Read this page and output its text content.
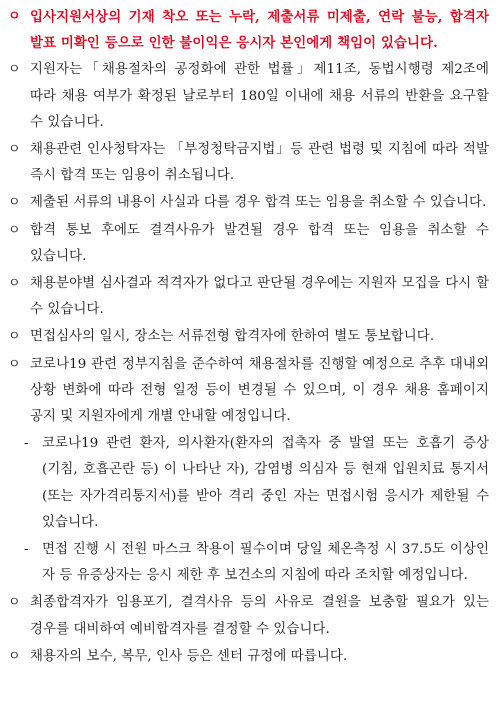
ㅇ 입사지원서상의 기재 착오 또는 누락, 제출서류 미제출, 연락 불능, 합격자 발표 미확인 등으로 인한 불이익은 응시자 본인에게 책임이 있습니다.
ㅇ 지원자는「채용절차의 공정화에 관한 법률」제11조, 동법시행령 제2조에 따라 채용 여부가 확정된 날로부터 180일 이내에 채용 서류의 반환을 요구할 수 있습니다.
ㅇ 채용관련 인사청탁자는 「부정청탁금지법」등 관련 법령 및 지침에 따라 적발 즉시 합격 또는 임용이 취소됩니다.
ㅇ 제출된 서류의 내용이 사실과 다를 경우 합격 또는 임용을 취소할 수 있습니다.
ㅇ 합격 통보 후에도 결격사유가 발견될 경우 합격 또는 임용을 취소할 수 있습니다.
ㅇ 채용분야별 심사결과 적격자가 없다고 판단될 경우에는 지원자 모집을 다시 할 수 있습니다.
ㅇ 면접심사의 일시, 장소는 서류전형 합격자에 한하여 별도 통보합니다.
ㅇ 코로나19 관련 정부지침을 준수하여 채용절차를 진행할 예정으로 추후 대내외 상황 변화에 따라 전형 일정 등이 변경될 수 있으며, 이 경우 채용 홈페이지 공지 및 지원자에게 개별 안내할 예정입니다.
-	코로나19 관련 환자, 의사환자(환자의 접촉자 중 발열 또는 호흡기 증상(기침, 호흡곤란 등) 이 나타난 자), 감염병 의심자 등 현재 입원치료 통지서(또는 자가격리통지서)를 받아 격리 중인 자는 면접시험 응시가 제한될 수 있습니다.
-	면접 진행 시 전원 마스크 착용이 필수이며 당일 체온측정 시 37.5도 이상인 자 등 유증상자는 응시 제한 후 보건소의 지침에 따라 조치할 예정입니다.
ㅇ 최종합격자가 임용포기, 결격사유 등의 사유로 결원을 보충할 필요가 있는 경우를 대비하여 예비합격자를 결정할 수 있습니다.
ㅇ 채용자의 보수, 복무, 인사 등은 센터 규정에 따릅니다.
